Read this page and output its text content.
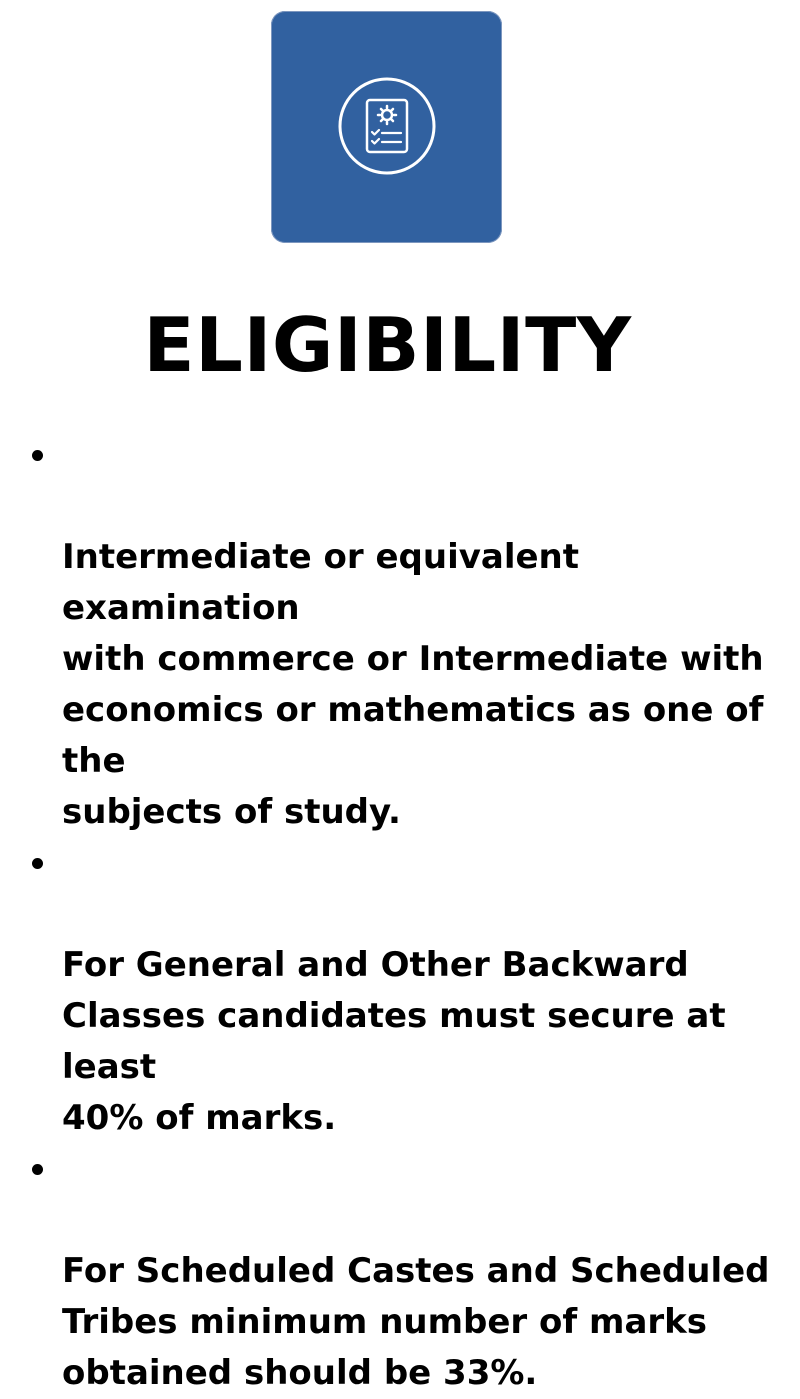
ELIGIBILITY

Intermediate or equivalent examination
with commerce or Intermediate with
economics or mathematics as one of the
subjects of study.

For General and Other Backward
Classes candidates must secure at least
40% of marks.

For Scheduled Castes and Scheduled
Tribes minimum number of marks
obtained should be 33%.
